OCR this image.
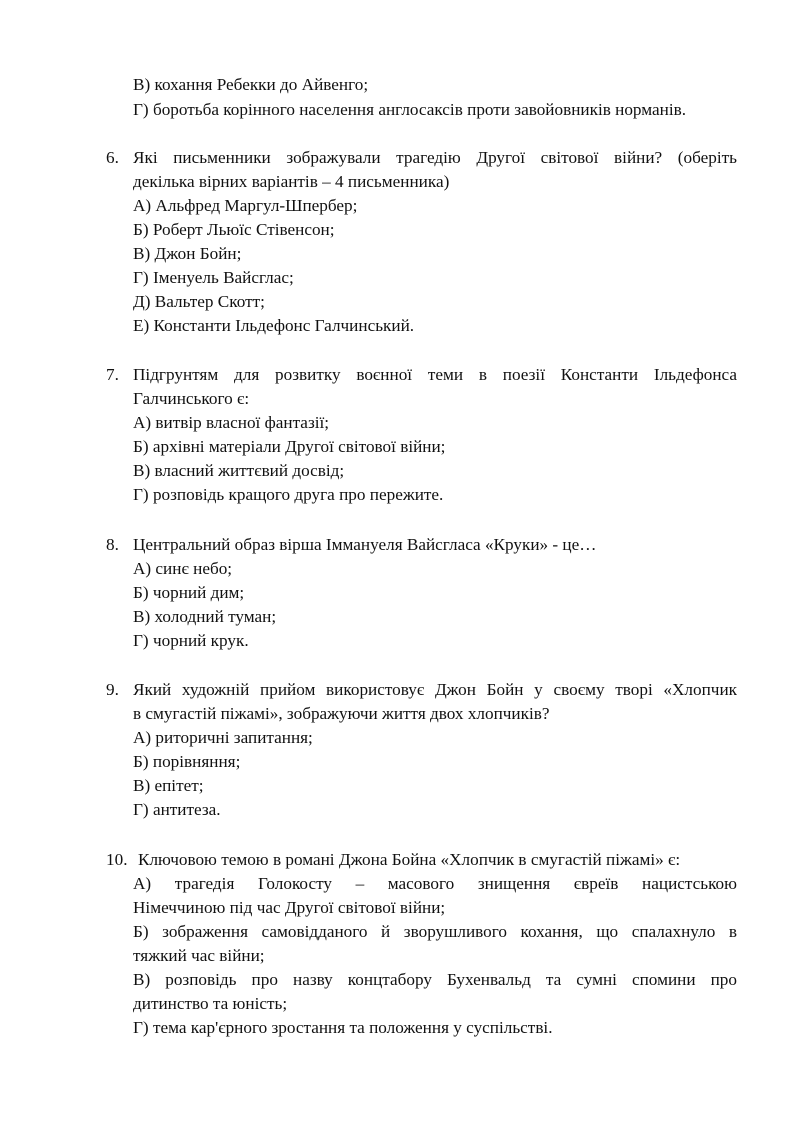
В) кохання Ребекки до Айвенго;
Г) боротьба корінного населення англосаксів проти завойовників норманів.
6. Які письменники зображували трагедію Другої світової війни? (оберіть
декілька вірних варіантів – 4 письменника)
А) Альфред Маргул-Шпербер;
Б) Роберт Льюїс Стівенсон;
В) Джон Бойн;
Г) Іменуель Вайсглас;
Д) Вальтер Скотт;
Е) Константи Ільдефонс Галчинський.
7. Підгрунтям для розвитку воєнної теми в поезії Константи Ільдефонса
Галчинського є:
А) витвір власної фантазії;
Б) архівні матеріали Другої світової війни;
В) власний життєвий досвід;
Г) розповідь кращого друга про пережите.
8. Центральний образ вірша Іммануеля Вайсгласа «Круки» - це…
А) синє небо;
Б) чорний дим;
В) холодний туман;
Г) чорний крук.
9. Який художній прийом використовує Джон Бойн у своєму творі «Хлопчик
в смугастій піжамі», зображуючи життя двох хлопчиків?
А) риторичні запитання;
Б) порівняння;
В) епітет;
Г) антитеза.
10. Ключовою темою в романі Джона Бойна «Хлопчик в смугастій піжамі» є:
А) трагедія Голокосту – масового знищення євреїв нацистською
Німеччиною під час Другої світової війни;
Б) зображення самовідданого й зворушливого кохання, що спалахнуло в
тяжкий час війни;
В) розповідь про назву концтабору Бухенвальд та сумні спомини про
дитинство та юність;
Г) тема кар'єрного зростання та положення у суспільстві.
